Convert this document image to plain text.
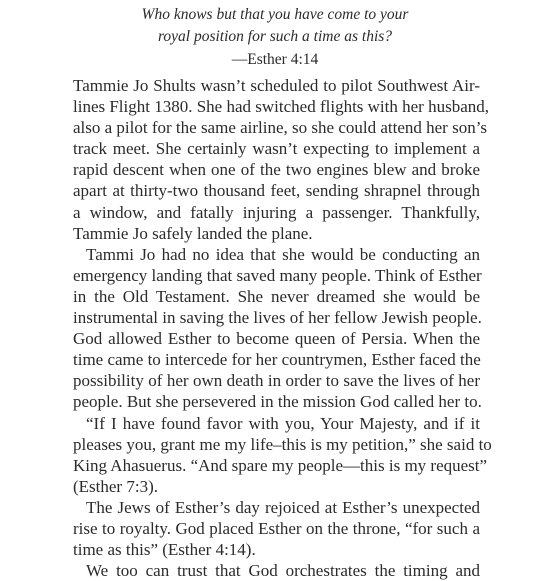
Who knows but that you have come to your

royal position for such a time as this?

—Esther 4:14

Tammie Jo Shults wasn’t scheduled to pilot Southwest Air-
lines Flight 1380. She had switched flights with her husband,
also a pilot for the same airline, so she could attend her son’s
track meet. She certainly wasn’t expecting to implement a
rapid descent when one of the two engines blew and broke
apart at thirty-two thousand feet, sending shrapnel through
a window, and fatally injuring a passenger. Thankfully,
Tammie Jo safely landed the plane.

Tammi Jo had no idea that she would be conducting an
emergency landing that saved many people. Think of Esther
in the Old Testament. She never dreamed she would be
instrumental in saving the lives of her fellow Jewish people.
God allowed Esther to become queen of Persia. When the
time came to intercede for her countrymen, Esther faced the
possibility of her own death in order to save the lives of her
people. But she persevered in the mission God called her to.

“If I have found favor with you, Your Majesty, and if it
pleases you, grant me my life–this is my petition,” she said to
King Ahasuerus. “And spare my people—this is my request”
(Esther 7:3).

The Jews of Esther’s day rejoiced at Esther’s unexpected
rise to royalty. God placed Esther on the throne, “for such a
time as this” (Esther 4:14).

We too can trust that God orchestrates the timing and
